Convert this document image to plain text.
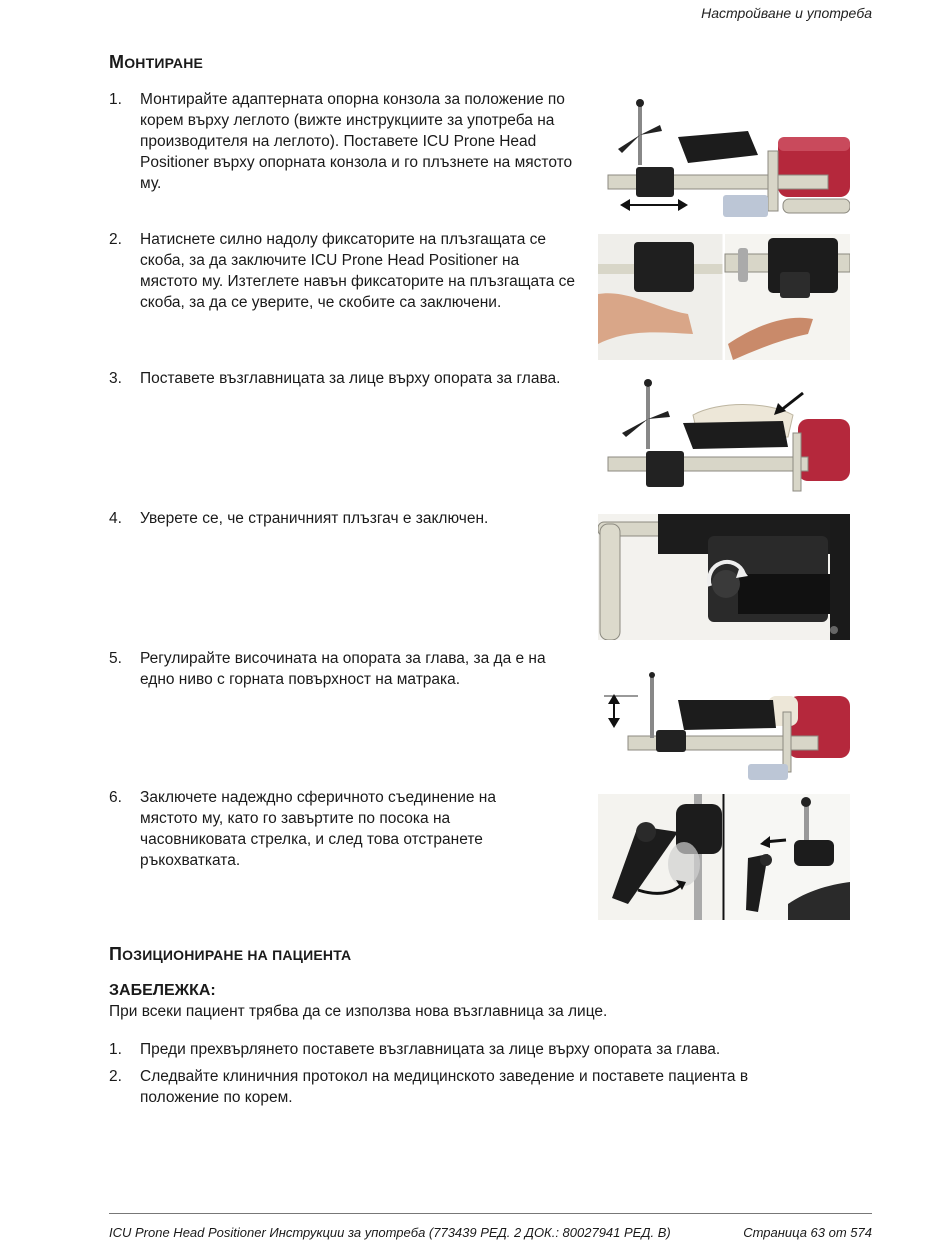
Настройване и употреба
МОНТИРАНЕ
1.	Монтирайте адаптерната опорна конзола за положение по корем върху леглото (вижте инструкциите за употреба на производителя на леглото). Поставете ICU Prone Head Positioner върху опорната конзола и го плъзнете на мястото му.
2.	Натиснете силно надолу фиксаторите на плъзгащата се скоба, за да заключите ICU Prone Head Positioner на мястото му. Изтеглете навън фиксаторите на плъзгащата се скоба, за да се уверите, че скобите са заключени.
3.	Поставете възглавницата за лице върху опората за глава.
4.	Уверете се, че страничният плъзгач е заключен.
5.	Регулирайте височината на опората за глава, за да е на едно ниво с горната повърхност на матрака.
6.	Заключете надеждно сферичното съединение на мястото му, като го завъртите по посока на часовниковата стрелка, и след това отстранете ръкохватката.
ПОЗИЦИОНИРАНЕ НА ПАЦИЕНТА
ЗАБЕЛЕЖКА:
При всеки пациент трябва да се използва нова възглавница за лице.
1. Преди прехвърлянето поставете възглавницата за лице върху опората за глава.
2. Следвайте клиничния протокол на медицинското заведение и поставете пациента в положение по корем.
ICU Prone Head Positioner Инструкции за употреба (773439 РЕД. 2 ДОК.: 80027941 РЕД. B)	Страница 63 от 574
